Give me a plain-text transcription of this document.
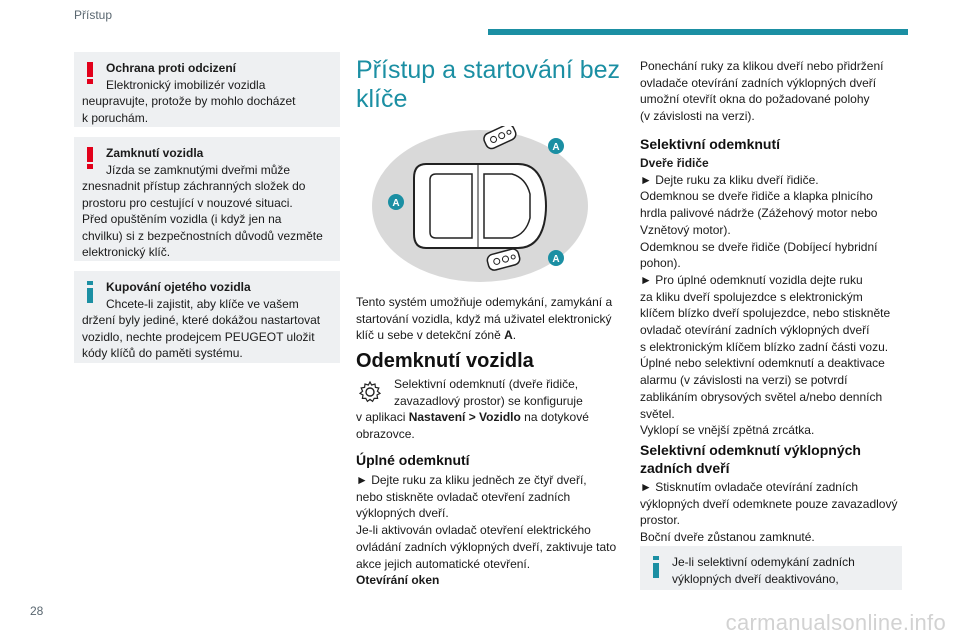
Přístup

Ochrana proti odcizení

Elektronický imobilizér vozidla

neupravujte, protože by mohlo docházet

k poruchám.

Zamknutí vozidla

Jízda se zamknutými dveřmi může

znesnadnit přístup záchranných složek do

prostoru pro cestující v nouzové situaci.

Před opuštěním vozidla (i když jen na

chvilku) si z bezpečnostních důvodů vezměte

elektronický klíč.

Kupování ojetého vozidla

Chcete-li zajistit, aby klíče ve vašem

držení byly jediné, které dokážou nastartovat

vozidlo, nechte prodejcem PEUGEOT uložit

kódy klíčů do paměti systému.

Přístup a startování bez
klíče
A
A
A
Tento systém umožňuje odemykání, zamykání a
startování vozidla, když má uživatel elektronický
klíč u sebe v detekční zóně A.
Odemknutí vozidla
Selektivní odemknutí (dveře řidiče,
zavazadlový prostor) se konfiguruje
v aplikaci Nastavení > Vozidlo na dotykové
obrazovce.
Úplné odemknutí
► Dejte ruku za kliku jedněch ze čtyř dveří,
nebo stiskněte ovladač otevření zadních
výklopných dveří.
Je-li aktivován ovladač otevření elektrického
ovládání zadních výklopných dveří, zaktivuje tato
akce jejich automatické otevření.
Otevírání oken
Ponechání ruky za klikou dveří nebo přidržení
ovladače otevírání zadních výklopných dveří
umožní otevřít okna do požadované polohy
(v závislosti na verzi).
Selektivní odemknutí
Dveře řidiče
► Dejte ruku za kliku dveří řidiče.
Odemknou se dveře řidiče a klapka plnicího
hrdla palivové nádrže (Zážehový motor nebo
Vznětový motor).
Odemknou se dveře řidiče (Dobíjecí hybridní
pohon).
► Pro úplné odemknutí vozidla dejte ruku
za kliku dveří spolujezdce s elektronickým
klíčem blízko dveří spolujezdce, nebo stiskněte
ovladač otevírání zadních výklopných dveří
s elektronickým klíčem blízko zadní části vozu.
Úplné nebo selektivní odemknutí a deaktivace
alarmu (v závislosti na verzi) se potvrdí
zablikáním obrysových světel a/nebo denních
světel.
Vyklopí se vnější zpětná zrcátka.
Selektivní odemknutí výklopných
zadních dveří
► Stisknutím ovladače otevírání zadních
výklopných dveří odemknete pouze zavazadlový
prostor.
Boční dveře zůstanou zamknuté.

Je-li selektivní odemykání zadních

výklopných dveří deaktivováno,

28	carmanualsonline.info
